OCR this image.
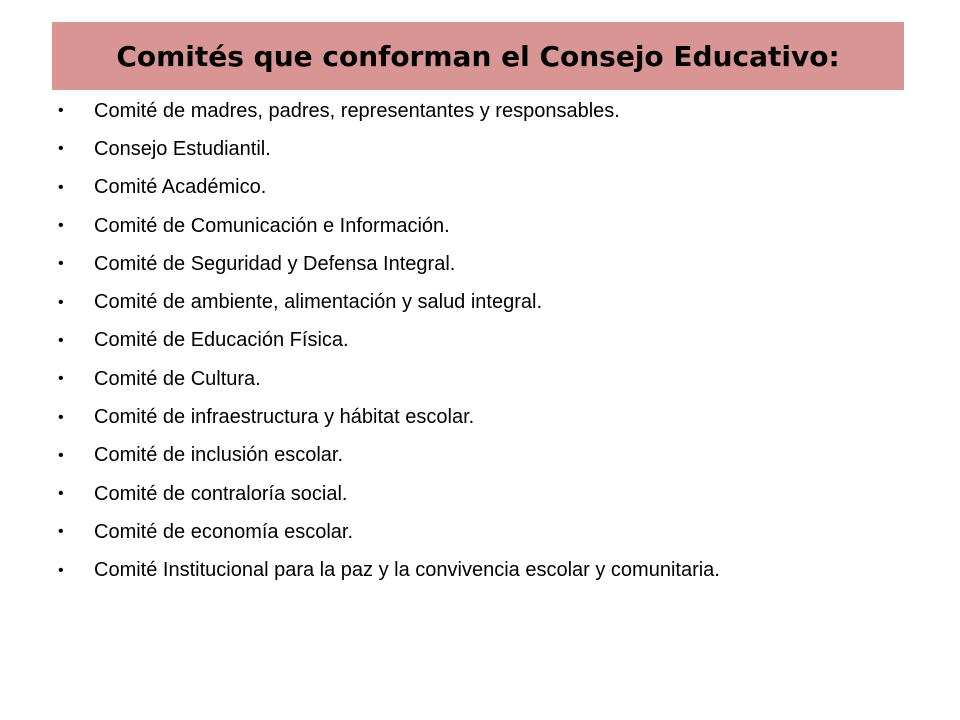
Comités que conforman el Consejo Educativo:
•	Comité de madres, padres, representantes y responsables.
•	Consejo Estudiantil.
•	Comité Académico.
•	Comité de Comunicación e Información.
•	Comité de Seguridad y Defensa Integral.
•	Comité de ambiente, alimentación y salud integral.
•	Comité de Educación Física.
•	Comité de Cultura.
•	Comité de infraestructura y hábitat escolar.
•	Comité de inclusión escolar.
•	Comité de contraloría social.
•	Comité de economía escolar.
•	Comité Institucional para la paz y la convivencia escolar y comunitaria.
